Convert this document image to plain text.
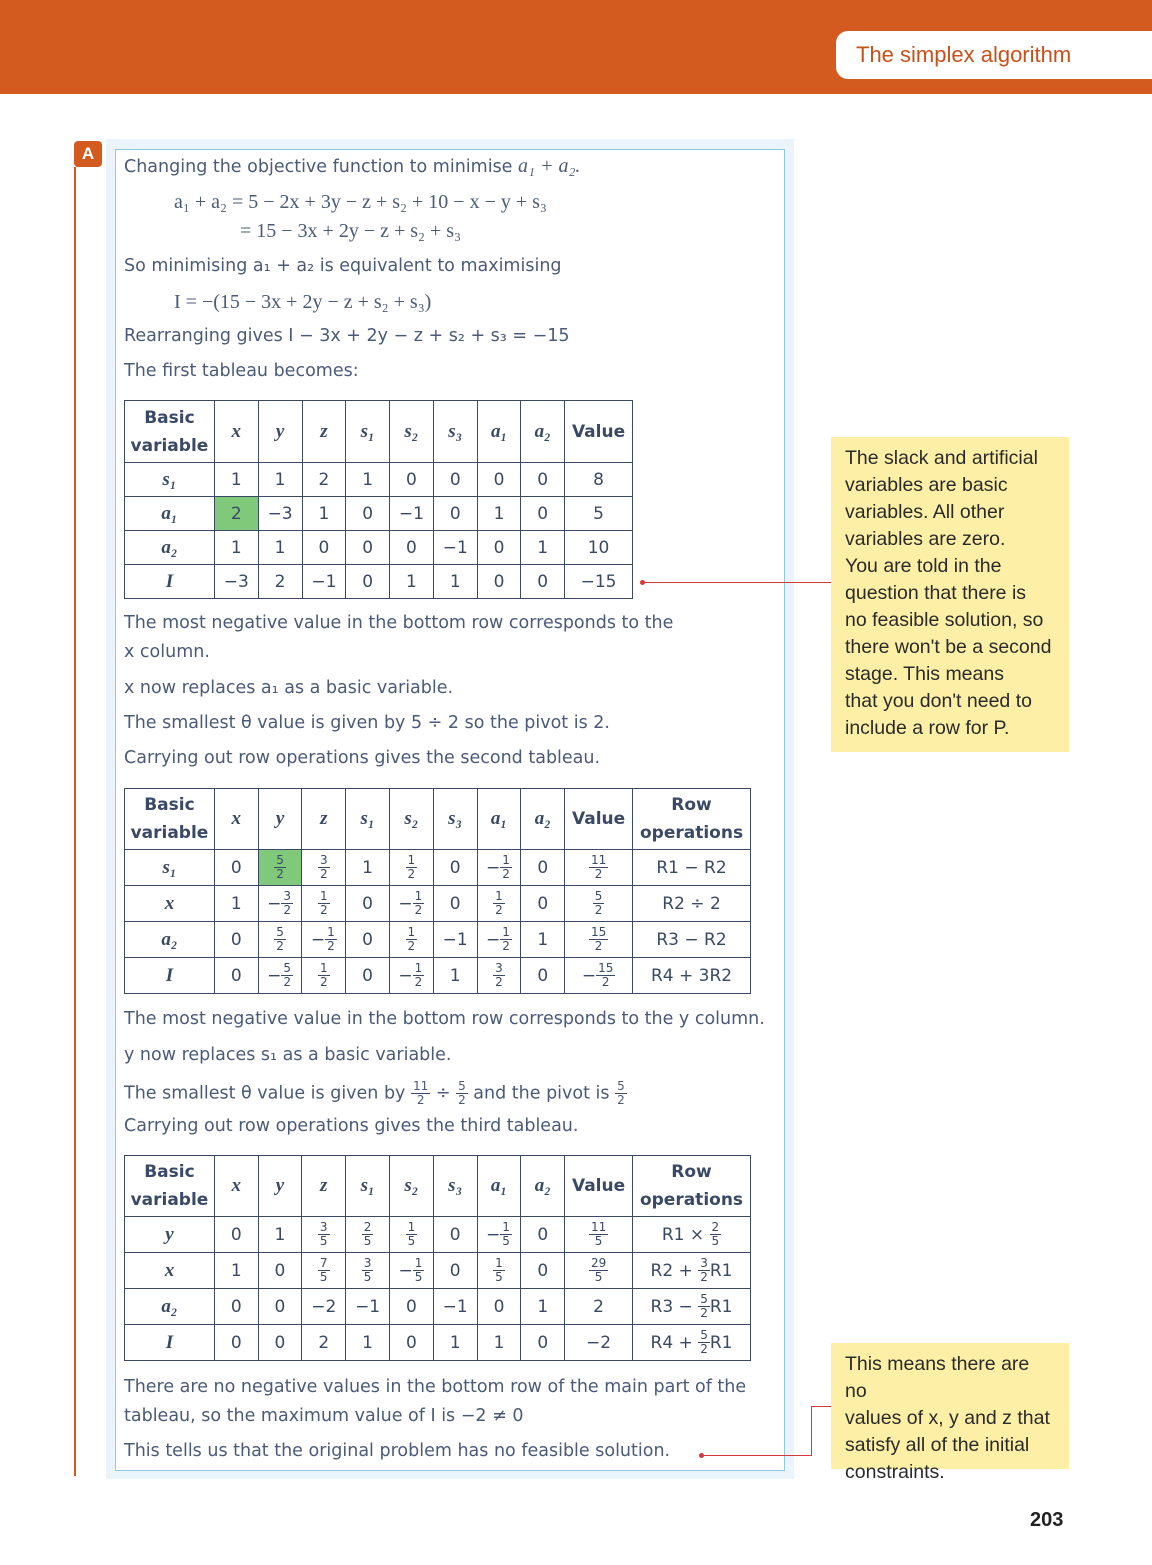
The simplex algorithm
A
Changing the objective function to minimise a₁ + a₂.
a₁ + a₂ = 5 − 2x + 3y − z + s₂ + 10 − x − y + s₃
= 15 − 3x + 2y − z + s₂ + s₃
So minimising a₁ + a₂ is equivalent to maximising
I = −(15 − 3x + 2y − z + s₂ + s₃)
Rearranging gives I − 3x + 2y − z + s₂ + s₃ = −15
The first tableau becomes:
Basic
variable	x	y	z	s₁	s₂	s₃	a₁	a₂	Value
s₁	1	1	2	1	0	0	0	0	8
a₁	2	−3	1	0	−1	0	1	0	5
a₂	1	1	0	0	0	−1	0	1	10
I	−3	2	−1	0	1	1	0	0	−15
The most negative value in the bottom row corresponds to the
x column.
x now replaces a₁ as a basic variable.
The smallest θ value is given by 5 ÷ 2 so the pivot is 2.
Carrying out row operations gives the second tableau.
Basic
variable	x	y	z	s₁	s₂	s₃	a₁	a₂	Value	Row
operations
s₁	0	$\frac{5}{2}$	$\frac{3}{2}$	1	$\frac{1}{2}$	0	− $\frac{1}{2}$	0	$\frac{11}{2}$	R1 − R2
x	1	− $\frac{3}{2}$	$\frac{1}{2}$	0	− $\frac{1}{2}$	0	$\frac{1}{2}$	0	$\frac{5}{2}$	R2 ÷ 2
a₂	0	$\frac{5}{2}$	− $\frac{1}{2}$	0	$\frac{1}{2}$	−1	− $\frac{1}{2}$	1	$\frac{15}{2}$	R3 − R2
I	0	− $\frac{5}{2}$	$\frac{1}{2}$	0	− $\frac{1}{2}$	1	$\frac{3}{2}$	0	− $\frac{15}{2}$	R4 + 3R2
The most negative value in the bottom row corresponds to the y column.
y now replaces s₁ as a basic variable.
The smallest θ value is given by $\frac{11}{2} \div \frac{5}{2}$ and the pivot is $\frac{5}{2}$
Carrying out row operations gives the third tableau.
Basic
variable	x	y	z	s₁	s₂	s₃	a₁	a₂	Value	Row
operations
y	0	1	$\frac{3}{5}$	$\frac{2}{5}$	$\frac{1}{5}$	0	− $\frac{1}{5}$	0	$\frac{11}{5}$	$R1 \times \frac{2}{5}$

x	1	0	$\frac{7}{5}$	$\frac{3}{5}$	− $\frac{1}{5}$	0	$\frac{1}{5}$	0	$\frac{29}{5}$	$R2 + \frac{3}{2} R1$
a₂	0	0	−2	−1	0	−1	0	1	2	$R3 - \frac{5}{2} R1$
I	0	0	2	1	0	1	1	0	−2	$R4 + \frac{5}{2} R1$
There are no negative values in the bottom row of the main part of the
tableau, so the maximum value of I is −2 ≠ 0
This tells us that the original problem has no feasible solution.
The slack and artificial
variables are basic
variables. All other
variables are zero.
You are told in the
question that there is
no feasible solution, so
there won't be a second
stage. This means
that you don't need to
include a row for P.
This means there are no
values of x, y and z that
satisfy all of the initial
constraints.
203
